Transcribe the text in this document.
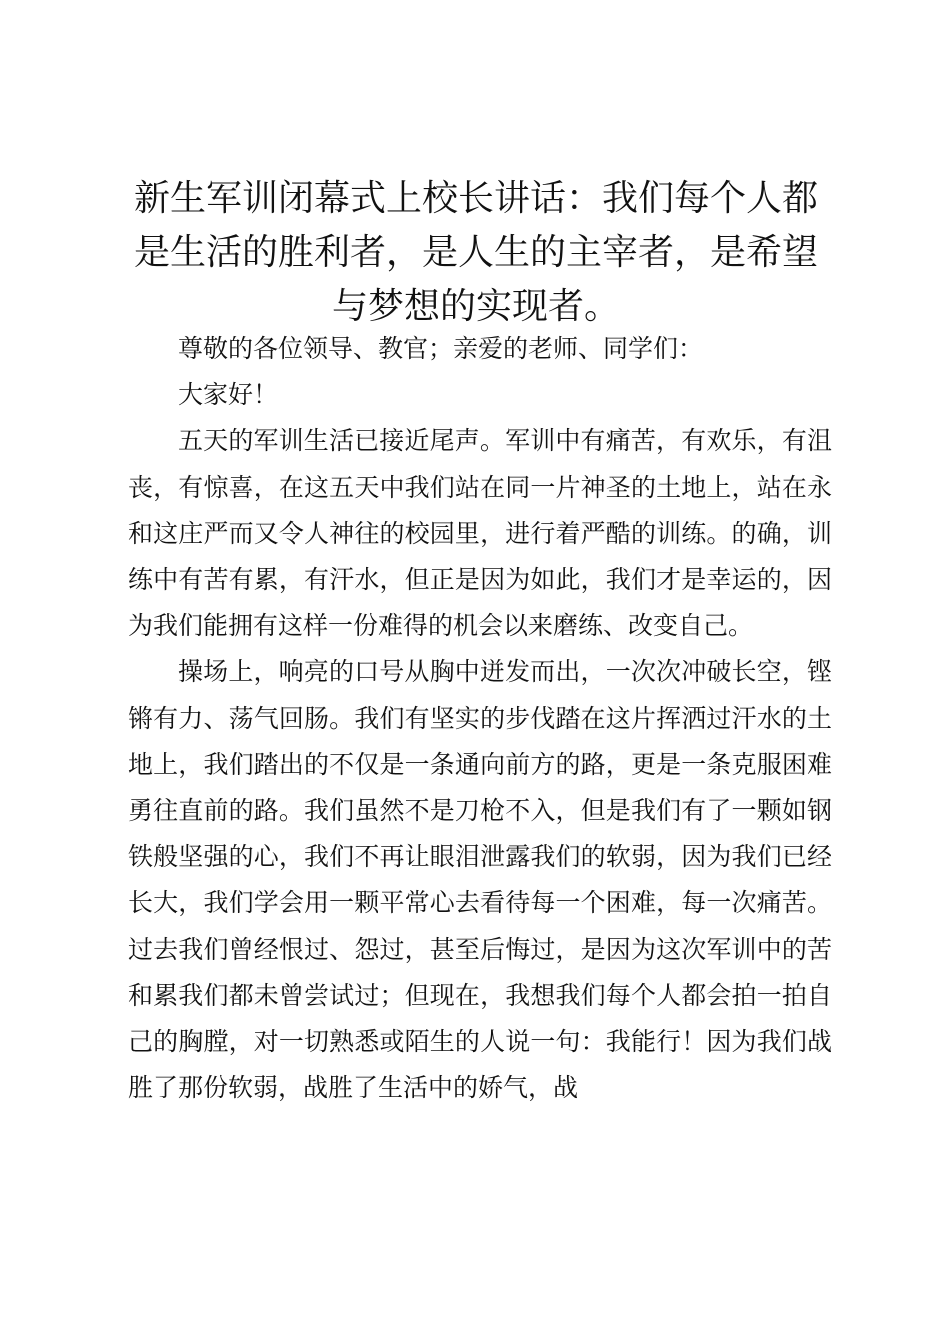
新生军训闭幕式上校长讲话：我们每个人都是生活的胜利者，是人生的主宰者，是希望与梦想的实现者。

尊敬的各位领导、教官；亲爱的老师、同学们：

大家好！

五天的军训生活已接近尾声。军训中有痛苦，有欢乐，有沮丧，有惊喜，在这五天中我们站在同一片神圣的土地上，站在永和这庄严而又令人神往的校园里，进行着严酷的训练。的确，训练中有苦有累，有汗水，但正是因为如此，我们才是幸运的，因为我们能拥有这样一份难得的机会以来磨练、改变自己。

操场上，响亮的口号从胸中迸发而出，一次次冲破长空，铿锵有力、荡气回肠。我们有坚实的步伐踏在这片挥洒过汗水的土地上，我们踏出的不仅是一条通向前方的路，更是一条克服困难勇往直前的路。我们虽然不是刀枪不入，但是我们有了一颗如钢铁般坚强的心，我们不再让眼泪泄露我们的软弱，因为我们已经长大，我们学会用一颗平常心去看待每一个困难，每一次痛苦。过去我们曾经恨过、怨过，甚至后悔过，是因为这次军训中的苦和累我们都未曾尝试过；但现在，我想我们每个人都会拍一拍自己的胸膛，对一切熟悉或陌生的人说一句：我能行！因为我们战胜了那份软弱，战胜了生活中的娇气，战
